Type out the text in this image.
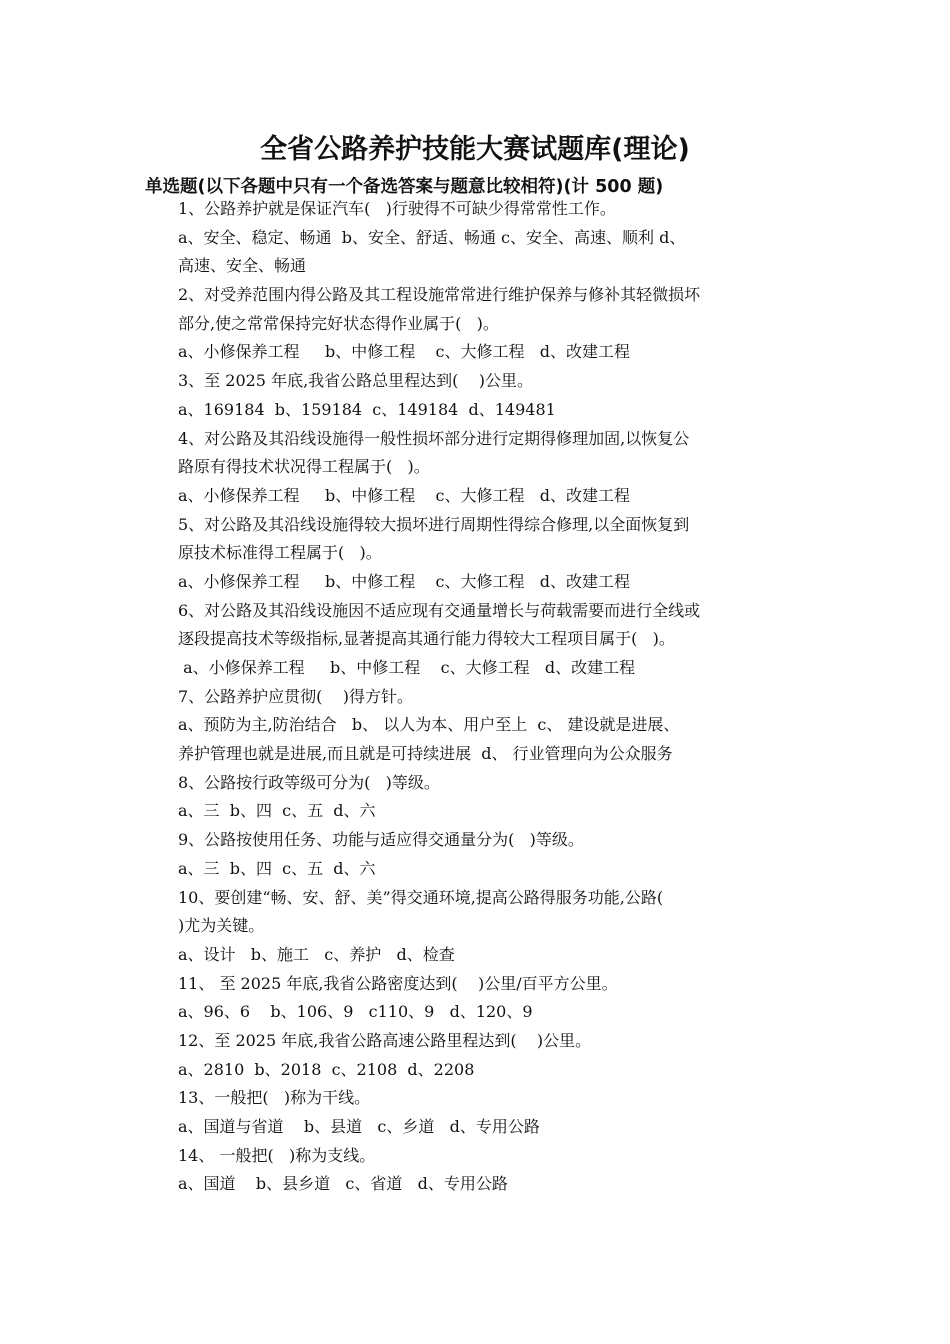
全省公路养护技能大赛试题库(理论)
单选题(以下各题中只有一个备选答案与题意比较相符)(计 500 题)
1、公路养护就是保证汽车(   )行驶得不可缺少得常常性工作。
a、安全、稳定、畅通  b、安全、舒适、畅通 c、安全、高速、顺利 d、
高速、安全、畅通
2、对受养范围内得公路及其工程设施常常进行维护保养与修补其轻微损坏
部分,使之常常保持完好状态得作业属于(   )。
a、小修保养工程     b、中修工程    c、大修工程   d、改建工程
3、至 2025 年底,我省公路总里程达到(    )公里。
a、169184  b、159184  c、149184  d、149481
4、对公路及其沿线设施得一般性损坏部分进行定期得修理加固,以恢复公
路原有得技术状况得工程属于(   )。
a、小修保养工程     b、中修工程    c、大修工程   d、改建工程
5、对公路及其沿线设施得较大损坏进行周期性得综合修理,以全面恢复到
原技术标准得工程属于(   )。
a、小修保养工程     b、中修工程    c、大修工程   d、改建工程
6、对公路及其沿线设施因不适应现有交通量增长与荷载需要而进行全线或
逐段提高技术等级指标,显著提高其通行能力得较大工程项目属于(   )。
a、小修保养工程     b、中修工程    c、大修工程   d、改建工程
7、公路养护应贯彻(    )得方针。
a、预防为主,防治结合   b、 以人为本、用户至上  c、 建设就是进展、
养护管理也就是进展,而且就是可持续进展  d、 行业管理向为公众服务
8、公路按行政等级可分为(   )等级。
a、三  b、四  c、五  d、六
9、公路按使用任务、功能与适应得交通量分为(   )等级。
a、三  b、四  c、五  d、六
10、要创建“畅、安、舒、美”得交通环境,提高公路得服务功能,公路(
)尤为关键。
a、设计   b、施工   c、养护   d、检查
11、 至 2025 年底,我省公路密度达到(    )公里/百平方公里。
a、96、6    b、106、9   c110、9   d、120、9
12、至 2025 年底,我省公路高速公路里程达到(    )公里。
a、2810  b、2018  c、2108  d、2208
13、一般把(   )称为干线。
a、国道与省道    b、县道   c、乡道   d、专用公路
14、 一般把(   )称为支线。
a、国道    b、县乡道   c、省道   d、专用公路
